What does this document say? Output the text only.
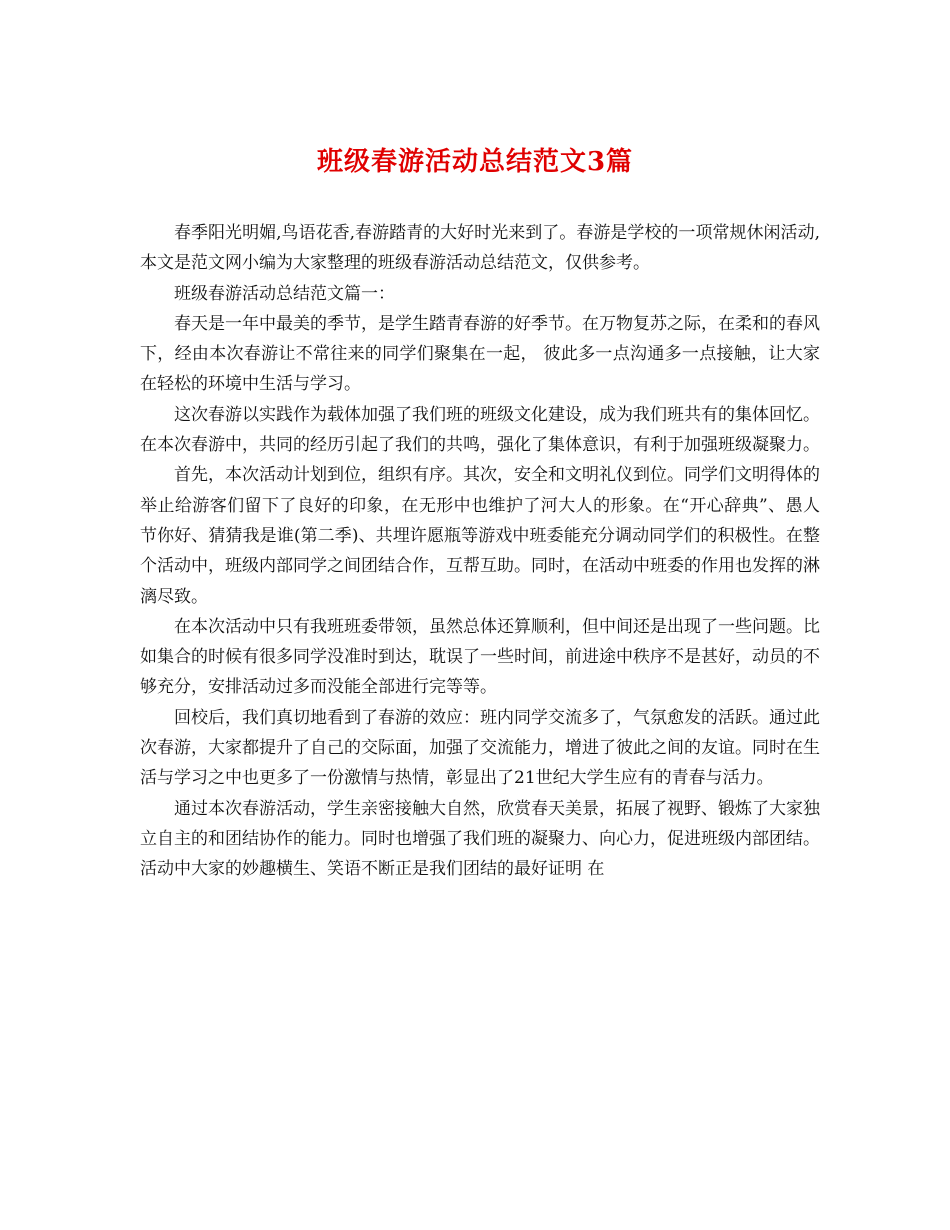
班级春游活动总结范文3篇

春季阳光明媚,鸟语花香,春游踏青的大好时光来到了。春游是学校的一项常规休闲活动,本文是范文网小编为大家整理的班级春游活动总结范文，仅供参考。

班级春游活动总结范文篇一：

春天是一年中最美的季节，是学生踏青春游的好季节。在万物复苏之际，在柔和的春风下，经由本次春游让不常往来的同学们聚集在一起， 彼此多一点沟通多一点接触，让大家在轻松的环境中生活与学习。

这次春游以实践作为载体加强了我们班的班级文化建设，成为我们班共有的集体回忆。在本次春游中，共同的经历引起了我们的共鸣，强化了集体意识，有利于加强班级凝聚力。

首先，本次活动计划到位，组织有序。其次，安全和文明礼仪到位。同学们文明得体的举止给游客们留下了良好的印象，在无形中也维护了河大人的形象。在“开心辞典”、愚人节你好、猜猜我是谁(第二季)、共埋许愿瓶等游戏中班委能充分调动同学们的积极性。在整个活动中，班级内部同学之间团结合作，互帮互助。同时，在活动中班委的作用也发挥的淋漓尽致。

在本次活动中只有我班班委带领，虽然总体还算顺利，但中间还是出现了一些问题。比如集合的时候有很多同学没准时到达，耽误了一些时间，前进途中秩序不是甚好，动员的不够充分，安排活动过多而没能全部进行完等等。

回校后，我们真切地看到了春游的效应：班内同学交流多了，气氛愈发的活跃。通过此次春游，大家都提升了自己的交际面，加强了交流能力，增进了彼此之间的友谊。同时在生活与学习之中也更多了一份激情与热情，彰显出了21世纪大学生应有的青春与活力。

通过本次春游活动，学生亲密接触大自然，欣赏春天美景，拓展了视野、锻炼了大家独立自主的和团结协作的能力。同时也增强了我们班的凝聚力、向心力，促进班级内部团结。活动中大家的妙趣横生、笑语不断正是我们团结的最好证明 在
